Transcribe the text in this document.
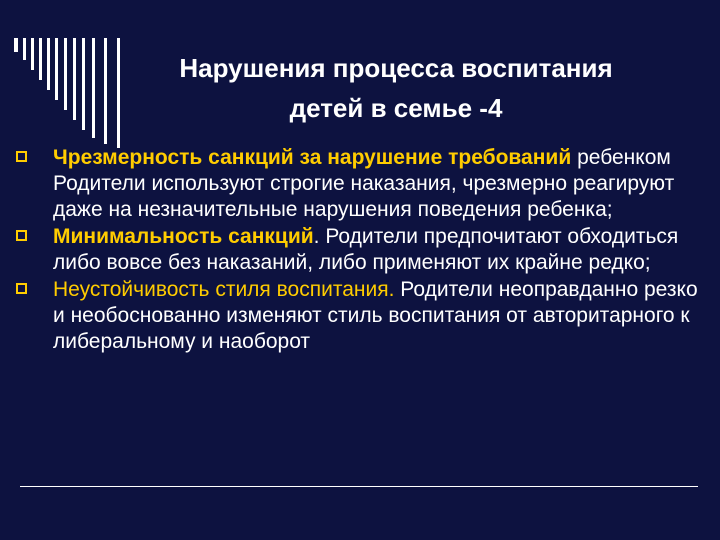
Нарушения процесса воспитания
детей в семье -4
Чрезмерность санкций за нарушение требований ребенком Родители используют строгие наказания, чрезмерно реагируют даже на незначительные нарушения поведения ребенка;
Минимальность санкций. Родители предпочитают обходиться либо вовсе без наказаний, либо применяют их крайне редко;
Неустойчивость стиля воспитания. Родители неоправданно резко и необоснованно изменяют стиль воспитания от авторитарного к либеральному и наоборот
